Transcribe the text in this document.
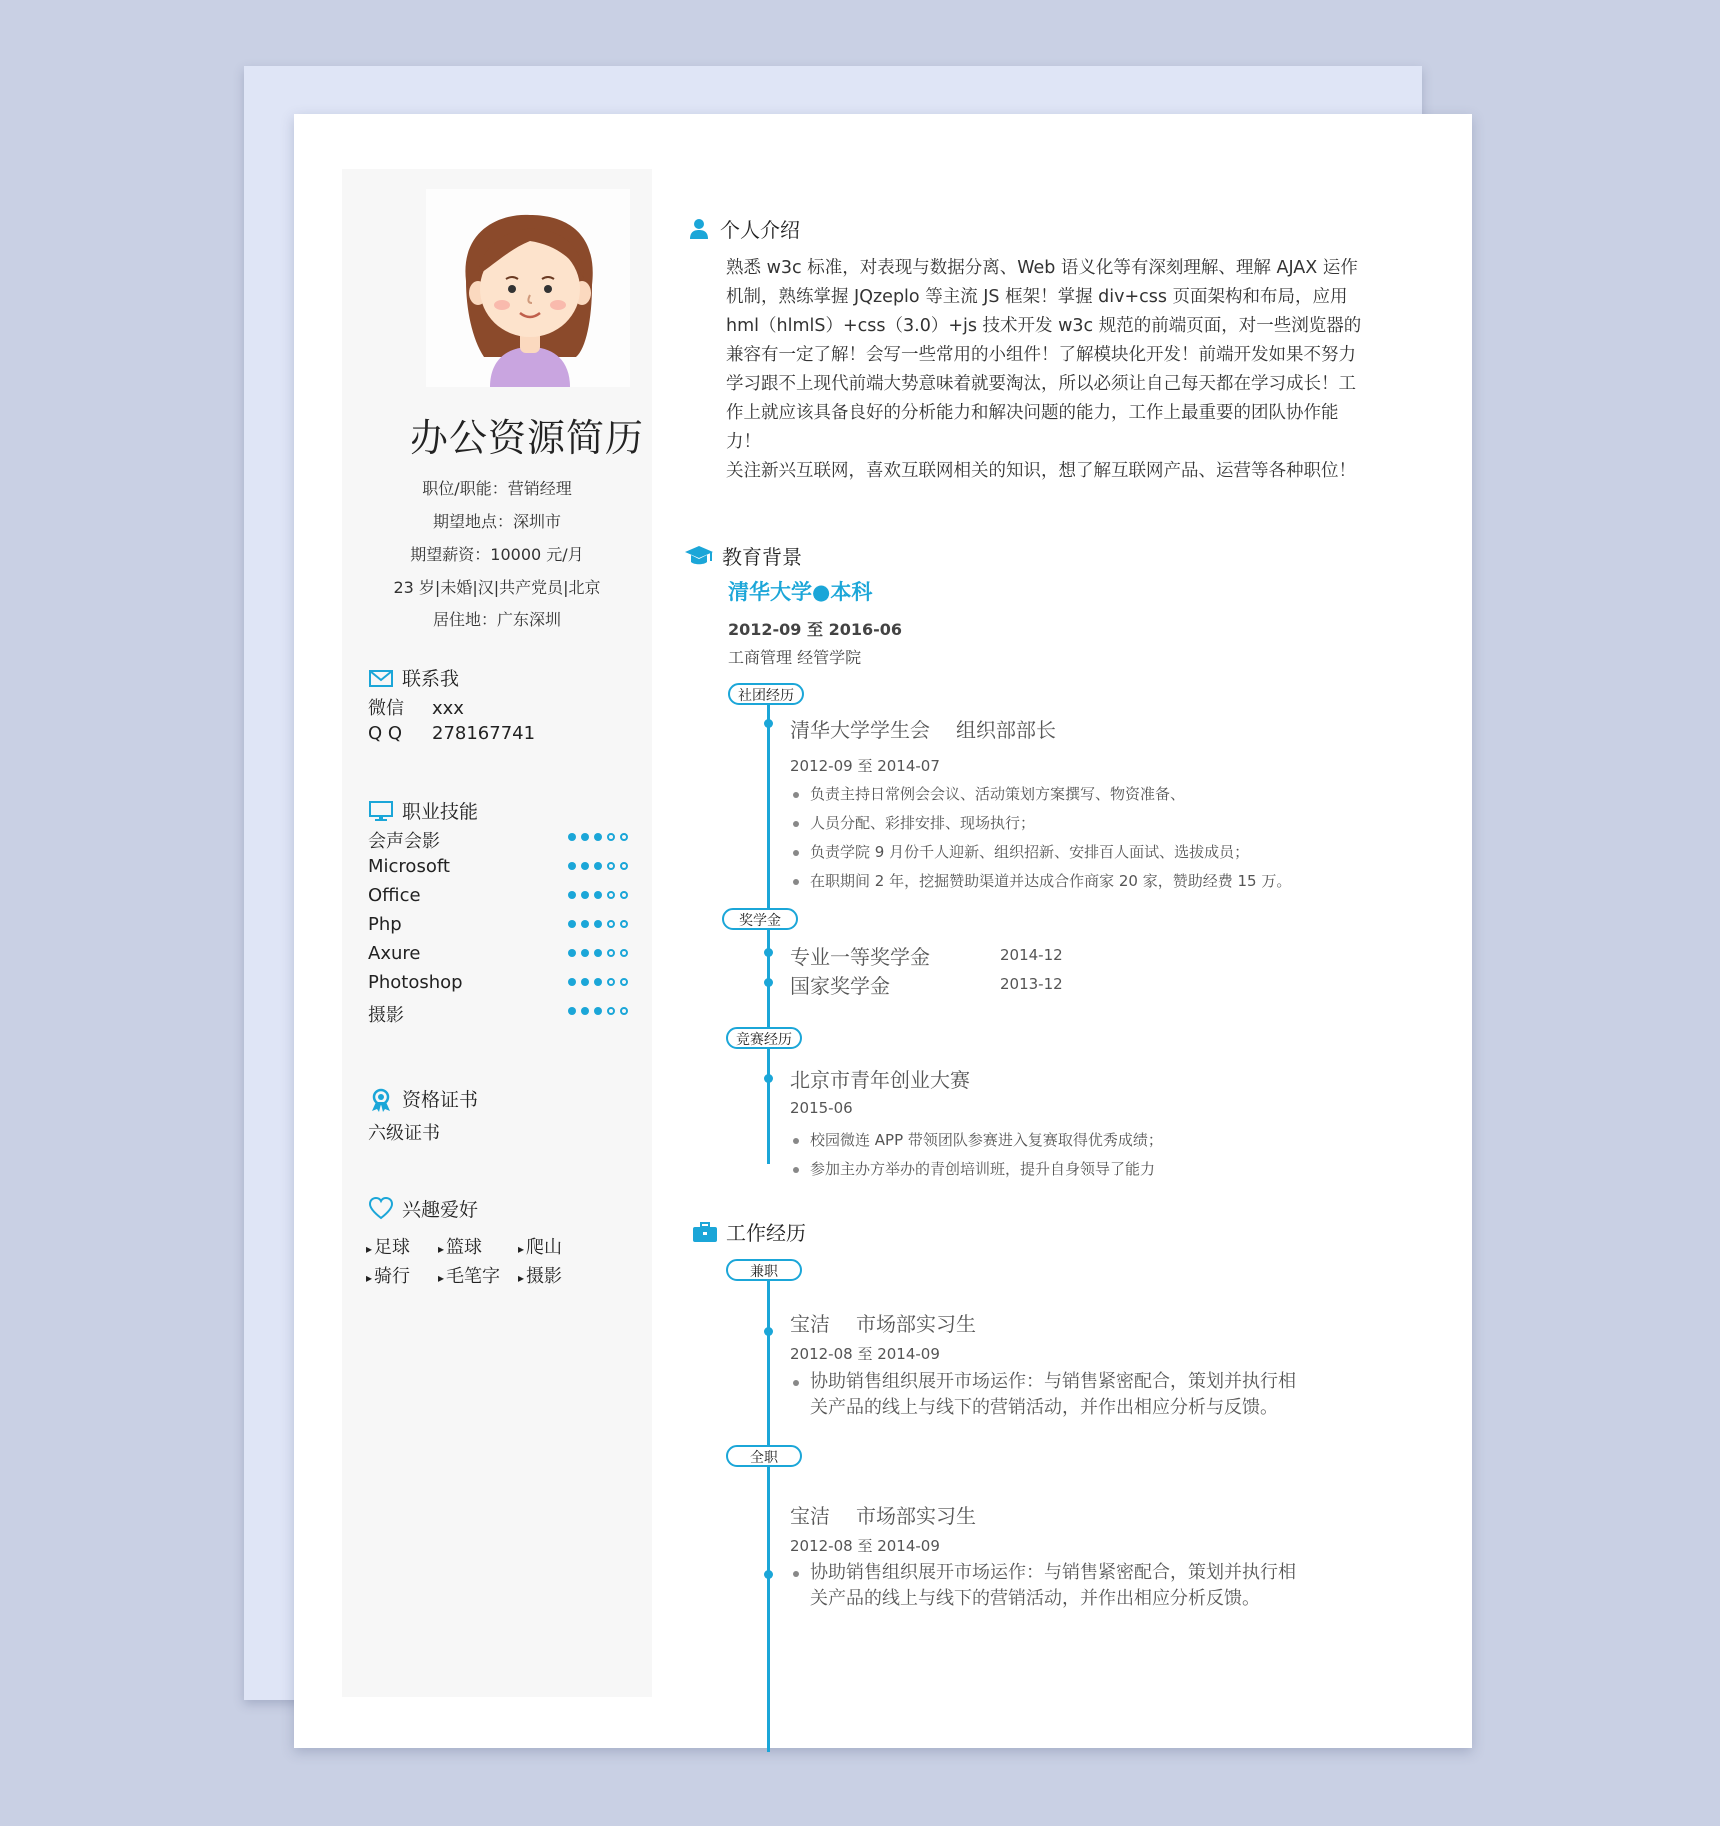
办公资源简历
职位/职能：营销经理
期望地点：深圳市
期望薪资：10000 元/月
23 岁|未婚|汉|共产党员|北京
居住地：广东深圳
联系我
微信 xxx
Q Q 278167741
职业技能
会声会影
Microsoft
Office
Php
Axure
Photoshop
摄影
资格证书
六级证书
兴趣爱好
▸ 足球	▸ 篮球	▸ 爬山
▸ 骑行	▸ 毛笔字	▸ 摄影
个人介绍

熟悉 w3c 标准，对表现与数据分离、Web 语义化等有深刻理解、理解 AJAX 运作机制，熟练掌握 JQzeplo 等主流 JS 框架！掌握 div+css 页面架构和布局，应用 hml（hlmlS）+css（3.0）+js 技术开发 w3c 规范的前端页面，对一些浏览器的兼容有一定了解！会写一些常用的小组件！了解模块化开发！前端开发如果不努力学习跟不上现代前端大势意味着就要淘汰，所以必须让自己每天都在学习成长！工作上就应该具备良好的分析能力和解决问题的能力，工作上最重要的团队协作能力！

关注新兴互联网，喜欢互联网相关的知识，想了解互联网产品、运营等各种职位！

教育背景
清华大学●本科
2012-09 至 2016-06
工商管理 经管学院
社团经历
清华大学学生会 组织部部长
2012-09 至 2014-07
负责主持日常例会会议、活动策划方案撰写、物资准备、
人员分配、彩排安排、现场执行；
负责学院 9 月份千人迎新、组织招新、安排百人面试、选拔成员；
在职期间 2 年，挖掘赞助渠道并达成合作商家 20 家，赞助经费 15 万。
奖学金
专业一等奖学金	2014-12
国家奖学金	2013-12
竞赛经历
北京市青年创业大赛
2015-06
校园微连 APP 带领团队参赛进入复赛取得优秀成绩；
参加主办方举办的青创培训班，提升自身领导了能力
工作经历
兼职
宝洁 市场部实习生
2012-08 至 2014-09
协助销售组织展开市场运作：与销售紧密配合，策划并执行相关产品的线上与线下的营销活动，并作出相应分析与反馈。
全职
宝洁 市场部实习生
2012-08 至 2014-09
协助销售组织展开市场运作：与销售紧密配合，策划并执行相关产品的线上与线下的营销活动，并作出相应分析反馈。
